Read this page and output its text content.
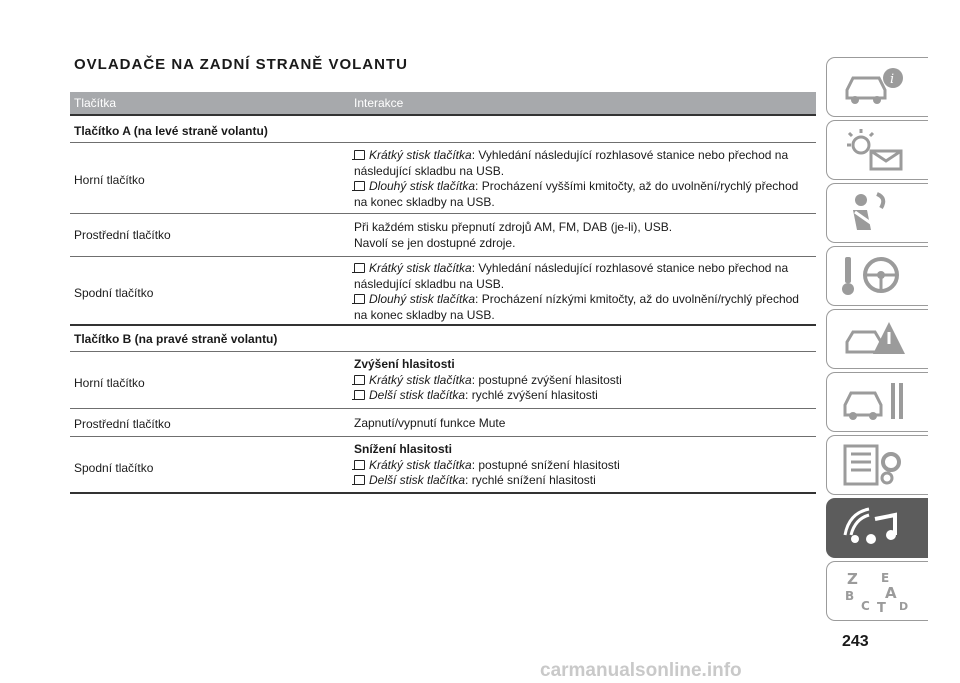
OVLADAČE NA ZADNÍ STRANĚ VOLANTU
Tlačítka	Interakce
Tlačítko A (na levé straně volantu)
Horní tlačítko
Krátký stisk tlačítka: Vyhledání následující rozhlasové stanice nebo přechod na následující skladbu na USB.
Dlouhý stisk tlačítka: Procházení vyššími kmitočty, až do uvolnění/rychlý přechod na konec skladby na USB.
Prostřední tlačítko
Při každém stisku přepnutí zdrojů AM, FM, DAB (je-li), USB.
Navolí se jen dostupné zdroje.
Spodní tlačítko
Krátký stisk tlačítka: Vyhledání následující rozhlasové stanice nebo přechod na následující skladbu na USB.
Dlouhý stisk tlačítka: Procházení nízkými kmitočty, až do uvolnění/rychlý přechod na konec skladby na USB.
Tlačítko B (na pravé straně volantu)
Horní tlačítko
Zvýšení hlasitosti
Krátký stisk tlačítka: postupné zvýšení hlasitosti
Delší stisk tlačítka: rychlé zvýšení hlasitosti
Prostřední tlačítko	Zapnutí/vypnutí funkce Mute
Spodní tlačítko
Snížení hlasitosti
Krátký stisk tlačítka: postupné snížení hlasitosti
Delší stisk tlačítka: rychlé snížení hlasitosti
i
Z E
B A
C T D
243
carmanualsonline.info
